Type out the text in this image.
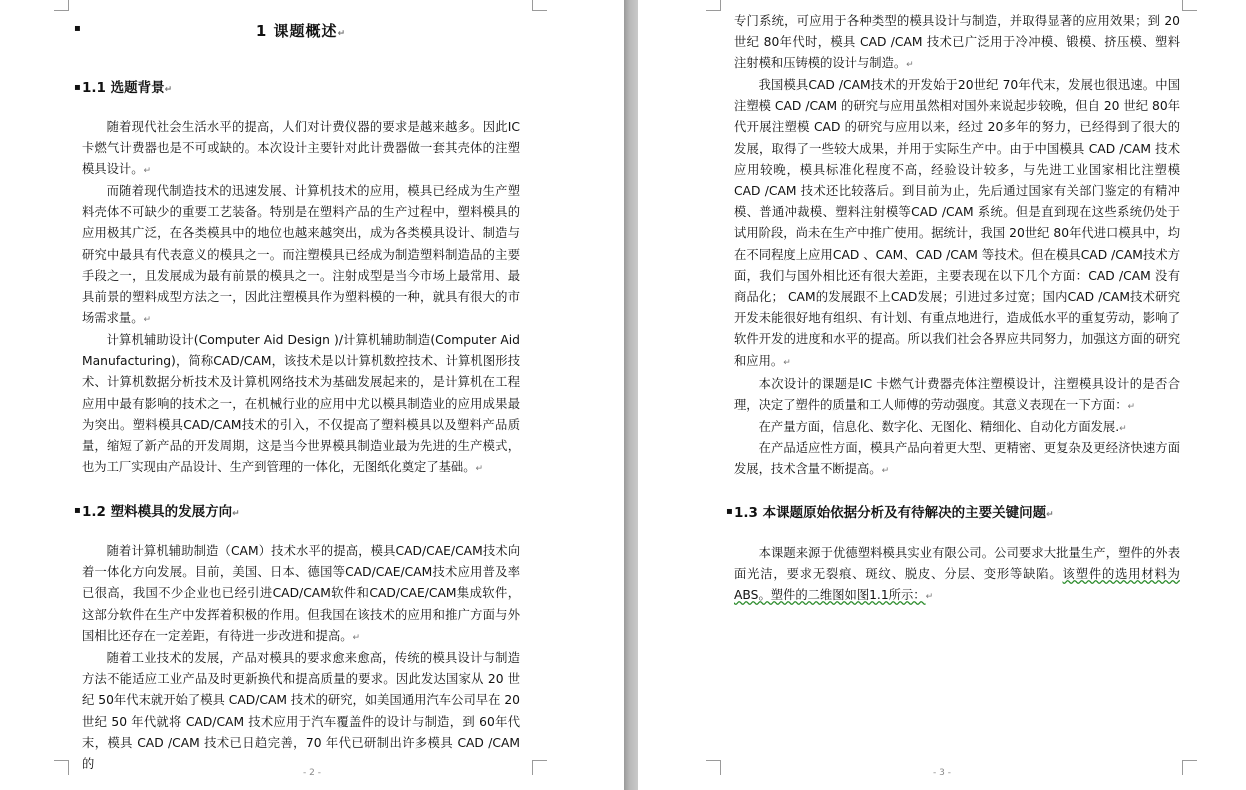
▪	1 课题概述↵
▪ 1.1 选题背景↵

随着现代社会生活水平的提高，人们对计费仪器的要求是越来越多。因此IC 卡燃气计费器也是不可或缺的。本次设计主要针对此计费器做一套其壳体的注塑模具设计。↵

而随着现代制造技术的迅速发展、计算机技术的应用，模具已经成为生产塑料壳体不可缺少的重要工艺装备。特别是在塑料产品的生产过程中，塑料模具的应用极其广泛，在各类模具中的地位也越来越突出，成为各类模具设计、制造与研究中最具有代表意义的模具之一。而注塑模具已经成为制造塑料制造品的主要手段之一，且发展成为最有前景的模具之一。注射成型是当今市场上最常用、最具前景的塑料成型方法之一，因此注塑模具作为塑料模的一种，就具有很大的市场需求量。↵

计算机辅助设计(Computer Aid Design )/计算机辅助制造(Computer Aid Manufacturing)，简称CAD/CAM，该技术是以计算机数控技术、计算机图形技术、计算机数据分析技术及计算机网络技术为基础发展起来的，是计算机在工程应用中最有影响的技术之一，在机械行业的应用中尤以模具制造业的应用成果最为突出。塑料模具CAD/CAM技术的引入，不仅提高了塑料模具以及塑料产品质量，缩短了新产品的开发周期，这是当今世界模具制造业最为先进的生产模式，也为工厂实现由产品设计、生产到管理的一体化，无图纸化奠定了基础。↵

▪ 1.2 塑料模具的发展方向↵

随着计算机辅助制造（CAM）技术水平的提高，模具CAD/CAE/CAM技术向着一体化方向发展。目前，美国、日本、德国等CAD/CAE/CAM技术应用普及率已很高，我国不少企业也已经引进CAD/CAM软件和CAD/CAE/CAM集成软件，这部分软件在生产中发挥着积极的作用。但我国在该技术的应用和推广方面与外国相比还存在一定差距，有待进一步改进和提高。↵

随着工业技术的发展，产品对模具的要求愈来愈高，传统的模具设计与制造方法不能适应工业产品及时更新换代和提高质量的要求。因此发达国家从 20 世纪 50年代末就开始了模具 CAD/CAM 技术的研究，如美国通用汽车公司早在 20 世纪 50 年代就将 CAD/CAM 技术应用于汽车覆盖件的设计与制造，到 60年代末，模具 CAD /CAM 技术已日趋完善，70 年代已研制出许多模具 CAD /CAM 的

- 2 -

专门系统，可应用于各种类型的模具设计与制造，并取得显著的应用效果；到 20 世纪 80年代时，模具 CAD /CAM 技术已广泛用于冷冲模、锻模、挤压模、塑料注射模和压铸模的设计与制造。↵

我国模具CAD /CAM技术的开发始于20世纪 70年代末，发展也很迅速。中国注塑模 CAD /CAM 的研究与应用虽然相对国外来说起步较晚，但自 20 世纪 80年代开展注塑模 CAD 的研究与应用以来，经过 20多年的努力，已经得到了很大的发展，取得了一些较大成果，并用于实际生产中。由于中国模具 CAD /CAM 技术应用较晚，模具标准化程度不高，经验设计较多，与先进工业国家相比注塑模 CAD /CAM 技术还比较落后。到目前为止，先后通过国家有关部门鉴定的有精冲模、普通冲裁模、塑料注射模等CAD /CAM 系统。但是直到现在这些系统仍处于试用阶段，尚未在生产中推广使用。据统计，我国 20世纪 80年代进口模具中，均在不同程度上应用CAD 、CAM、CAD /CAM 等技术。但在模具CAD /CAM技术方面，我们与国外相比还有很大差距，主要表现在以下几个方面：CAD /CAM 没有商品化； CAM的发展跟不上CAD发展；引进过多过宽；国内CAD /CAM技术研究开发未能很好地有组织、有计划、有重点地进行，造成低水平的重复劳动，影响了软件开发的进度和水平的提高。所以我们社会各界应共同努力，加强这方面的研究和应用。↵

本次设计的课题是IC 卡燃气计费器壳体注塑模设计，注塑模具设计的是否合理，决定了塑件的质量和工人师傅的劳动强度。其意义表现在一下方面：↵

在产量方面，信息化、数字化、无图化、精细化、自动化方面发展.↵

在产品适应性方面，模具产品向着更大型、更精密、更复杂及更经济快速方面发展，技术含量不断提高。↵

▪ 1.3 本课题原始依据分析及有待解决的主要关键问题↵

本课题来源于优德塑料模具实业有限公司。公司要求大批量生产，塑件的外表面光洁，要求无裂痕、斑纹、脱皮、分层、变形等缺陷。该塑件的选用材料为ABS。塑件的二维图如图1.1所示：↵

- 3 -
